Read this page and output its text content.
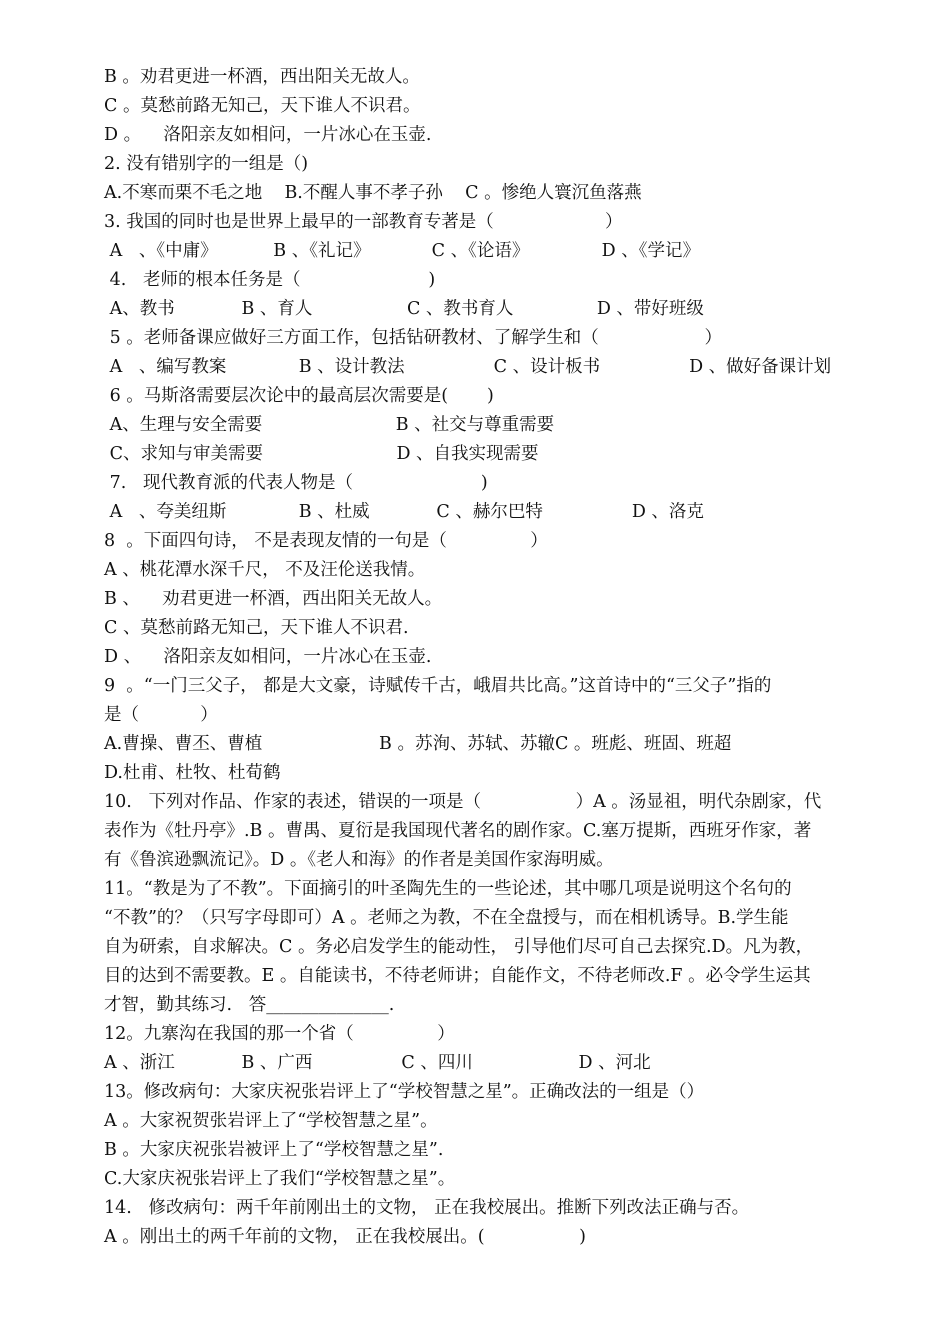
B 。劝君更进一杯酒，西出阳关无故人。
C 。莫愁前路无知己，天下谁人不识君。
D 。    洛阳亲友如相问，一片冰心在玉壶.
2. 没有错别字的一组是（)
A.不寒而栗不毛之地    B.不醒人事不孝子孙    C 。惨绝人寰沉鱼落燕
3. 我国的同时也是世界上最早的一部教育专著是（                    ）
A   、《中庸》          B 、《礼记》           C 、《论语》             D 、《学记》
4.   老师的根本任务是（                       )
A、教书            B 、育人                 C 、教书育人               D 、带好班级
5 。老师备课应做好三方面工作，包括钻研教材、了解学生和（                   ）
A   、编写教案             B 、设计教法                C 、设计板书                D 、做好备课计划
6 。马斯洛需要层次论中的最高层次需要是(       )
A、生理与安全需要                        B 、社交与尊重需要
C、求知与审美需要                        D 、自我实现需要
7.   现代教育派的代表人物是（                       )
A   、夸美纽斯             B 、杜威            C 、赫尔巴特                D 、洛克
8  。下面四句诗， 不是表现友情的一句是（               ）
A 、桃花潭水深千尺， 不及汪伦送我情。
B 、    劝君更进一杯酒，西出阳关无故人。
C 、莫愁前路无知己，天下谁人不识君.
D 、    洛阳亲友如相问，一片冰心在玉壶.
9  。“一门三父子， 都是大文豪，诗赋传千古，峨眉共比高。”这首诗中的“三父子”指的
是（           ）
A.曹操、曹丕、曹植                     B 。苏洵、苏轼、苏辙C 。班彪、班固、班超
D.杜甫、杜牧、杜荀鹤
10.   下列对作品、作家的表述，错误的一项是（                 ）A 。汤显祖，明代杂剧家，代
表作为《牡丹亭》.B 。曹禺、夏衍是我国现代著名的剧作家。C.塞万提斯，西班牙作家，著
有《鲁滨逊飘流记》。D 。《老人和海》的作者是美国作家海明威。
11。“教是为了不教”。下面摘引的叶圣陶先生的一些论述，其中哪几项是说明这个名句的
“不教”的？（只写字母即可）A 。老师之为教，不在全盘授与，而在相机诱导。B.学生能
自为研索，自求解决。C 。务必启发学生的能动性， 引导他们尽可自己去探究.D。凡为教，
目的达到不需要教。E 。自能读书，不待老师讲；自能作文，不待老师改.F 。必令学生运其
才智，勤其练习.   答______________.
12。九寨沟在我国的那一个省（               ）
A 、浙江            B 、广西                C 、四川                   D 、河北
13。修改病句：大家庆祝张岩评上了“学校智慧之星”。正确改法的一组是（）
A 。大家祝贺张岩评上了“学校智慧之星”。
B 。大家庆祝张岩被评上了“学校智慧之星”.
C.大家庆祝张岩评上了我们“学校智慧之星”。
14.   修改病句：两千年前刚出土的文物， 正在我校展出。推断下列改法正确与否。
A 。刚出土的两千年前的文物， 正在我校展出。(                 )
